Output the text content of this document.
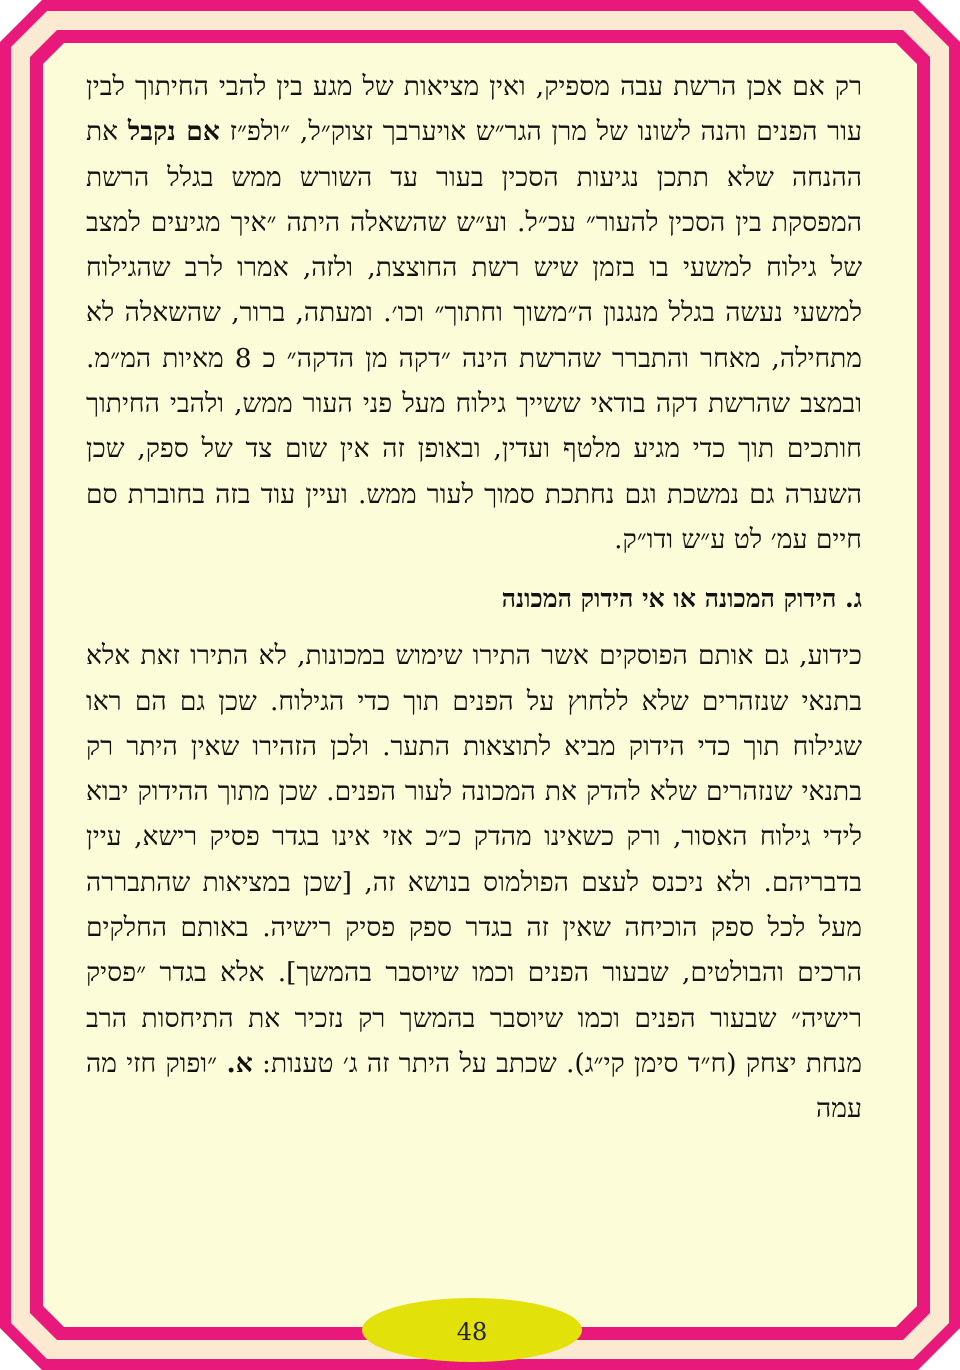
רק אם אכן הרשת עבה מספיק, ואין מציאות של מגע בין להבי החיתוך לבין עור הפנים והנה לשונו של מרן הגר״ש אויערבך זצוק״ל, ״ולפ״ז אם נקבל את ההנחה שלא תתכן נגיעות הסכין בעור עד השורש ממש בגלל הרשת המפסקת בין הסכין להעור״ עכ״ל. וע״ש שהשאלה היתה ״איך מגיעים למצב של גילוח למשעי בו בזמן שיש רשת החוצצת, ולזה, אמרו לרב שהגילוח למשעי נעשה בגלל מנגנון ה״משוך וחתוך״ וכו׳. ומעתה, ברור, שהשאלה לא מתחילה, מאחר והתברר שהרשת הינה ״דקה מן הדקה״ כ 8 מאיות המ״מ. ובמצב שהרשת דקה בודאי ששייך גילוח מעל פני העור ממש, ולהבי החיתוך חותכים תוך כדי מגיע מלטף ועדין, ובאופן זה אין שום צד של ספק, שכן השערה גם נמשכת וגם נחתכת סמוך לעור ממש. ועיין עוד בזה בחוברת סם חיים עמ׳ לט ע״ש ודו״ק.

ג. הידוק המכונה או אי הידוק המכונה

כידוע, גם אותם הפוסקים אשר התירו שימוש במכונות, לא התירו זאת אלא בתנאי שנזהרים שלא ללחוץ על הפנים תוך כדי הגילוח. שכן גם הם ראו שגילוח תוך כדי הידוק מביא לתוצאות התער. ולכן הזהירו שאין היתר רק בתנאי שנזהרים שלא להדק את המכונה לעור הפנים. שכן מתוך ההידוק יבוא לידי גילוח האסור, ורק כשאינו מהדק כ״כ אזי אינו בגדר פסיק רישא, עיין בדבריהם. ולא ניכנס לעצם הפולמוס בנושא זה, [שכן במציאות שהתבררה מעל לכל ספק הוכיחה שאין זה בגדר ספק פסיק רישיה. באותם החלקים הרכים והבולטים, שבעור הפנים וכמו שיוסבר בהמשך]. אלא בגדר ״פסיק רישיה״ שבעור הפנים וכמו שיוסבר בהמשך רק נזכיר את התיחסות הרב מנחת יצחק (ח״ד סימן קי״ג). שכתב על היתר זה ג׳ טענות: א. ״ופוק חזי מה עמה

48
